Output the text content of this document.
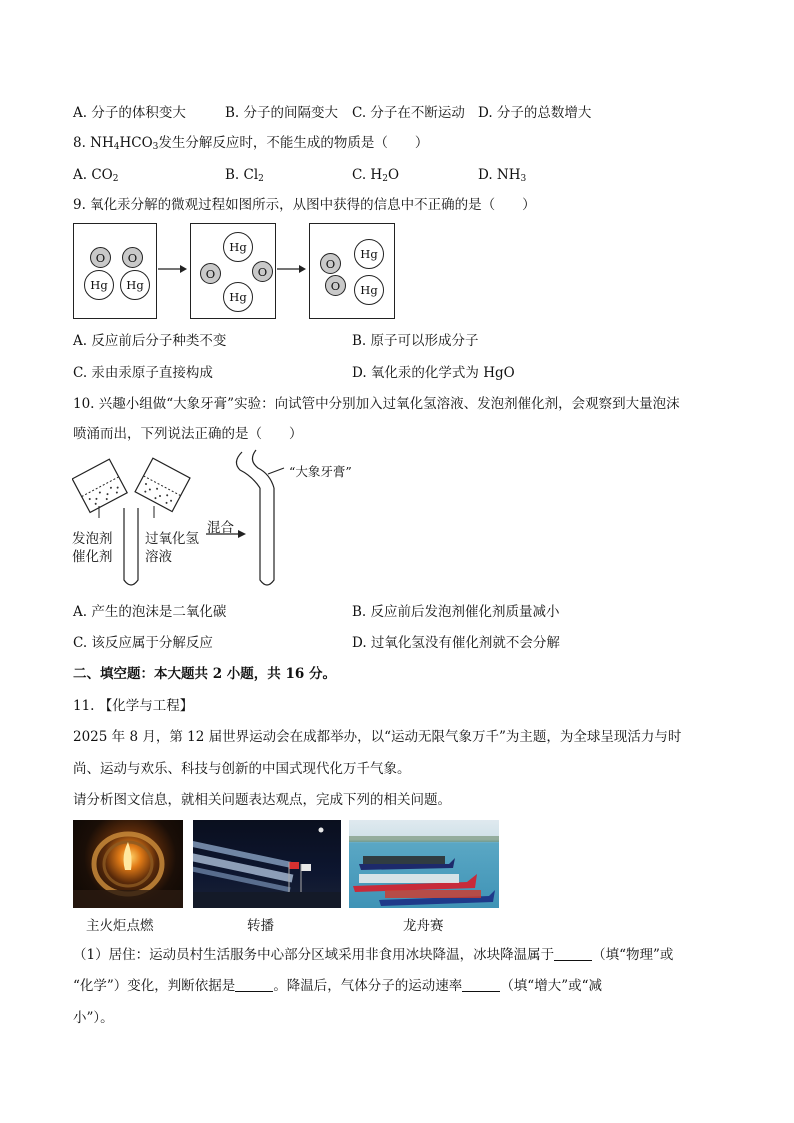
A. 分子的体积变大	B. 分子的间隔变大 C. 分子在不断运动 D. 分子的总数增大
8. $NH_4HCO_3$发生分解反应时，不能生成的物质是（　　）
A. $CO_2$	B. $Cl_2$	C. $H_2O$	D. $NH_3$
9. 氧化汞分解的微观过程如图所示，从图中获得的信息中不正确的是（　　）
O	O
Hg	Hg
Hg
O	O
Hg
O
O
Hg
Hg
A. 反应前后分子种类不变	B. 原子可以形成分子
C. 汞由汞原子直接构成	D. 氧化汞的化学式为 HgO
10. 兴趣小组做“大象牙膏”实验：向试管中分别加入过氧化氢溶液、发泡剂催化剂，会观察到大量泡沫
喷涌而出，下列说法正确的是（　　）
“大象牙膏”
发泡剂
催化剂
过氧化氢
溶液
混合
A. 产生的泡沫是二氧化碳	B. 反应前后发泡剂催化剂质量减小
C. 该反应属于分解反应	D. 过氧化氢没有催化剂就不会分解
二、填空题：本大题共 2 小题，共 16 分。
11. 【化学与工程】
2025 年 8 月，第 12 届世界运动会在成都举办，以“运动无限气象万千”为主题，为全球呈现活力与时
尚、运动与欢乐、科技与创新的中国式现代化万千气象。
请分析图文信息，就相关问题表达观点，完成下列的相关问题。
主火炬点燃	转播	龙舟赛
（1）居住：运动员村生活服务中心部分区域采用非食用冰块降温，冰块降温属于	（填“物理”或
“化学”）变化，判断依据是	。降温后，气体分子的运动速率	（填“增大”或“减
小”）。
